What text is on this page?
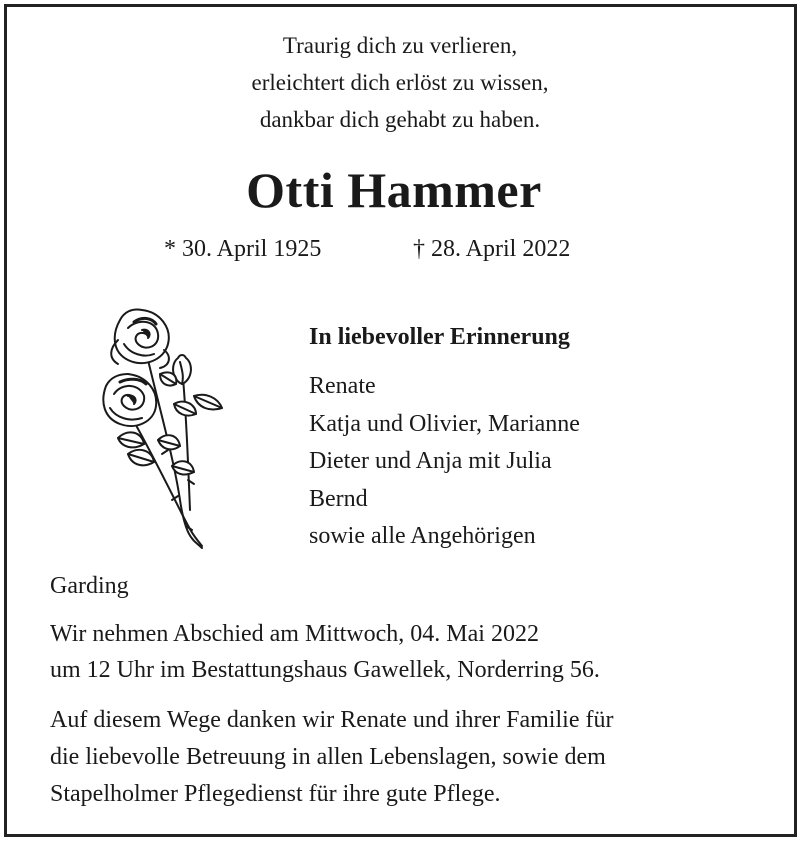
Traurig dich zu verlieren,
erleichtert dich erlöst zu wissen,
dankbar dich gehabt zu haben.
Otti Hammer
* 30. April 1925	† 28. April 2022
In liebevoller Erinnerung
Renate
Katja und Olivier, Marianne
Dieter und Anja mit Julia
Bernd
sowie alle Angehörigen
Garding
Wir nehmen Abschied am Mittwoch, 04. Mai 2022
um 12 Uhr im Bestattungshaus Gawellek, Norderring 56.
Auf diesem Wege danken wir Renate und ihrer Familie für
die liebevolle Betreuung in allen Lebenslagen, sowie dem
Stapelholmer Pflegedienst für ihre gute Pflege.
